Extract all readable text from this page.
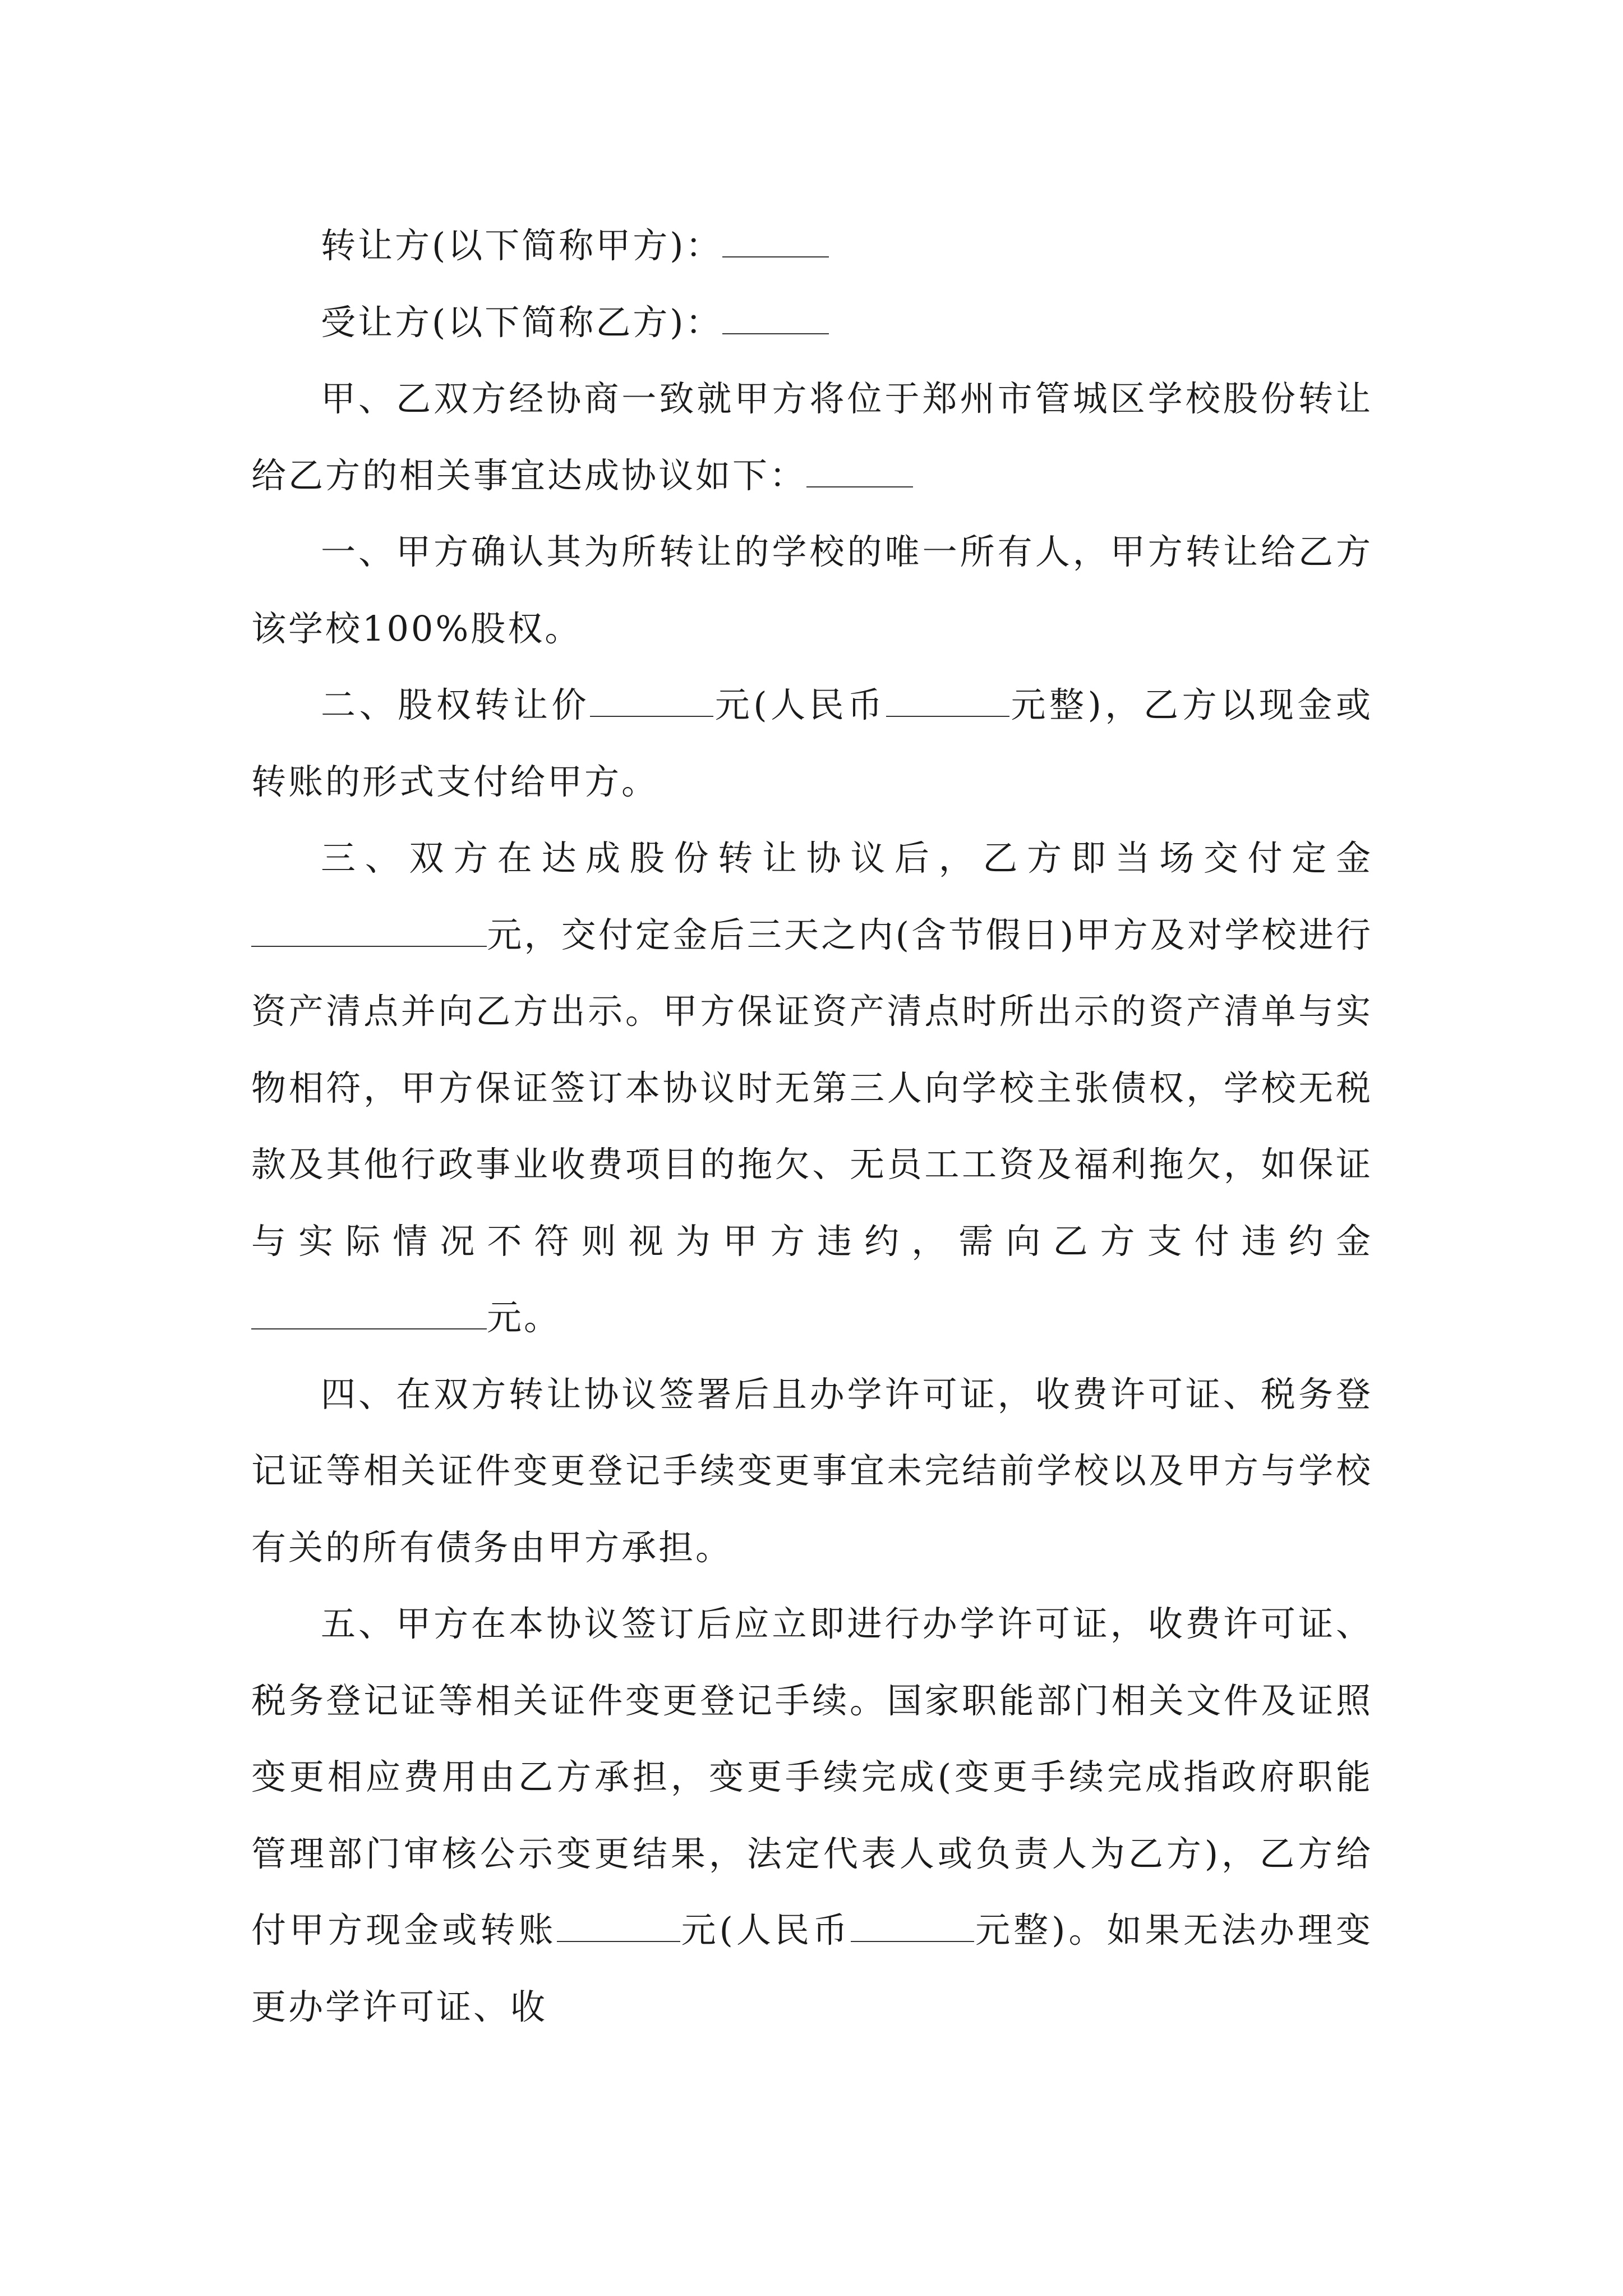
转让方(以下简称甲方)：

受让方(以下简称乙方)：

甲、乙双方经协商一致就甲方将位于郑州市管城区学校股份转让给乙方的相关事宜达成协议如下：

一、甲方确认其为所转让的学校的唯一所有人，甲方转让给乙方该学校100%股权。

二、股权转让价	元(人民币	元整)，乙方以现金或转账的形式支付给甲方。

三、双方在达成股份转让协议后，乙方即当场交付定金元，交付定金后三天之内(含节假日)甲方及对学校进行资产清点并向乙方出示。甲方保证资产清点时所出示的资产清单与实物相符，甲方保证签订本协议时无第三人向学校主张债权，学校无税款及其他行政事业收费项目的拖欠、无员工工资及福利拖欠，如保证与实际情况不符则视为甲方违约，需向乙方支付违约金元。

四、在双方转让协议签署后且办学许可证，收费许可证、税务登记证等相关证件变更登记手续变更事宜未完结前学校以及甲方与学校有关的所有债务由甲方承担。

五、甲方在本协议签订后应立即进行办学许可证，收费许可证、税务登记证等相关证件变更登记手续。国家职能部门相关文件及证照变更相应费用由乙方承担，变更手续完成(变更手续完成指政府职能管理部门审核公示变更结果，法定代表人或负责人为乙方)，乙方给付甲方现金或转账	元(人民币	元整)。如果无法办理变更办学许可证、收
